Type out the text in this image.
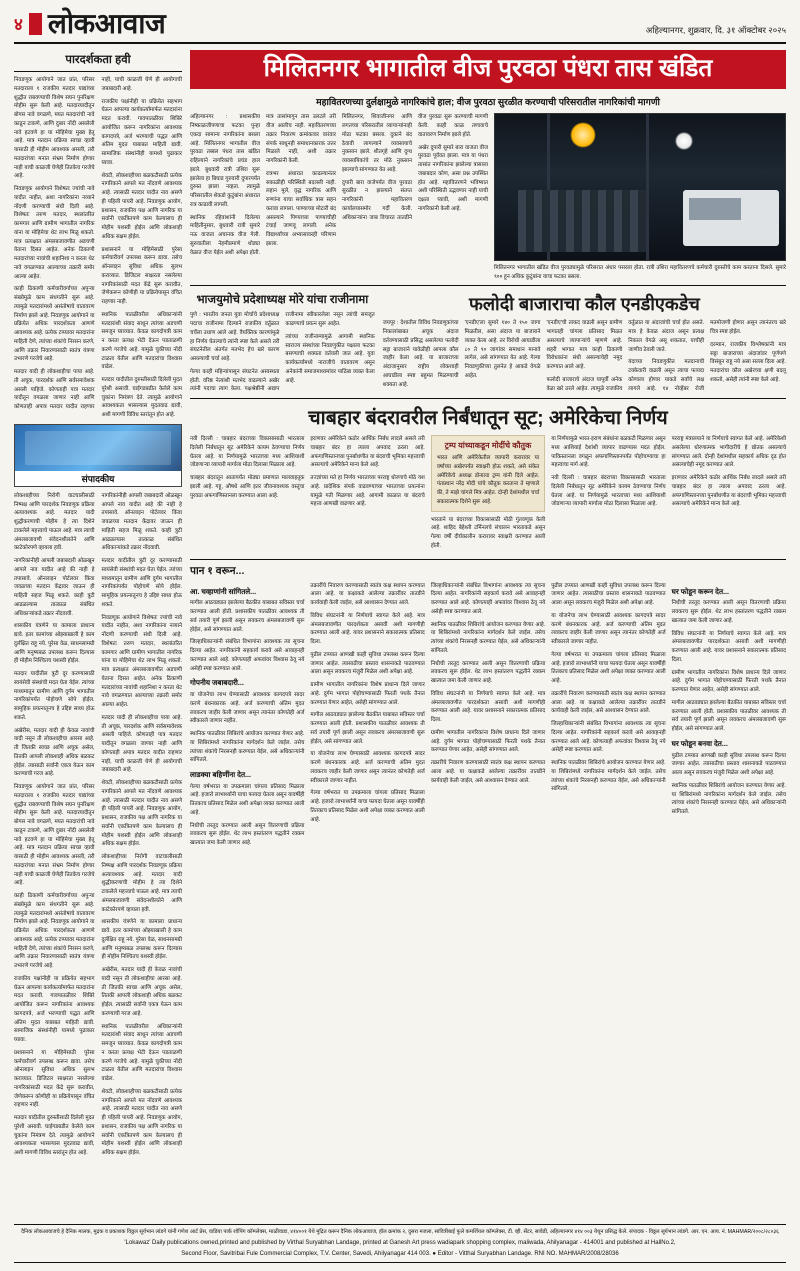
४ लोकआवाज	अहिल्यानगर, शुक्रवार, दि. ३१ ऑक्टोबर २०२५
पारदर्शकता हवी

निवडणूक आयोगाने जात प्रांत, परिसर मतदाराला १ राजकीय मतदार याद्यांच्या शुद्धीत राबवण्याची विशेष सघन पुनरिक्षण मोहीम सुरू केली आहे. मतदारयादीतून बोगस नावे वगळणे, मयत मतदारांची नावे काढून टाकणे, आणि दुबार नोंदी असलेली नावे हटवणे हा या मोहिमेचा मुख्य हेतू आहे. मात्र मतदान प्रक्रिया स्वच्छ व्हावी यासाठी ही मोहीम आवश्यक असली, तरी मतदारांच्या मनात संभ्रम निर्माण होणार नाही याची काळजी घेणेही तितकेच गरजेचे आहे.

निवडणूक आयोगाने विशेषतः ज्यांची नावे यादीत नाहीत, अशा नागरिकांना नव्याने नोंदणी करण्याची संधी दिली आहे. विशेषतः तरुण मतदार, स्थलांतरित कामगार आणि ग्रामीण भागातील नागरिक यांना या मोहिमेचा थेट लाभ मिळू शकतो. मात्र प्रत्यक्षात अंमलबजावणीत अडचणी येताना दिसत आहेत. अनेक ठिकाणी मतदारांच्या नावांची शहानिशा न करता थेट नावे वगळण्यात आल्याच्या तक्रारी समोर आल्या आहेत.

काही ठिकाणी कर्मचारीवर्गाच्या अपुऱ्या संख्येमुळे काम संथगतीने सुरू आहे. त्यामुळे मतदारांमध्ये असंतोषाचे वातावरण निर्माण झाले आहे. निवडणूक आयोगाने या प्रक्रियेत अधिक पारदर्शकता आणणे आवश्यक आहे. प्रत्येक टप्प्यावर मतदारांना माहिती देणे, त्यांच्या शंकांचे निरसन करणे, आणि तक्रार निवारणासाठी स्वतंत्र यंत्रणा उभारणे गरजेचे आहे.

मतदार यादी ही लोकशाहीचा पाया आहे. ती अचूक, पारदर्शक आणि सर्वसमावेशक असली पाहिजे. कोणताही पात्र मतदार यादीतून वगळला जाणार नाही आणि कोणताही अपात्र मतदार यादीत राहणार नाही, याची काळजी घेणे ही आयोगाची जबाबदारी आहे.

राजकीय पक्षांनीही या प्रक्रियेत सहभाग घेऊन आपल्या कार्यकर्त्यांमार्फत मतदारांना मदत करावी. गावपातळीवर शिबिरे आयोजित करून नागरिकांना आवश्यक कागदपत्रे, अर्ज भरण्याची पद्धत आणि अंतिम मुदत याबाबत माहिती द्यावी. सामाजिक संस्थांनीही यामध्ये पुढाकार घ्यावा.

शेवटी, लोकशाहीच्या बळकटीसाठी प्रत्येक नागरिकाने आपले मत नोंदवणे आवश्यक आहे. त्यासाठी मतदार यादीत नाव असणे ही पहिली पायरी आहे. निवडणूक आयोग, प्रशासन, राजकीय पक्ष आणि नागरिक या सर्वांनी एकत्रितपणे काम केल्यासच ही मोहीम यशस्वी होईल आणि लोकशाही अधिक सक्षम होईल.

प्रशासनाने या मोहिमेसाठी पुरेसा कर्मचारीवर्ग उपलब्ध करून द्यावा. तसेच ऑनलाइन सुविधा अधिक सुलभ कराव्यात. डिजिटल साक्षरता नसलेल्या नागरिकांसाठी मदत केंद्रे सुरू करावीत, जेणेकरून कोणीही या प्रक्रियेपासून वंचित राहणार नाही.

स्थानिक पातळीवरील अधिकाऱ्यांनी मतदारांशी संवाद साधून त्यांच्या अडचणी समजून घ्याव्यात. केवळ कागदोपत्री काम न करता प्रत्यक्ष भेटी देऊन पडताळणी करणे गरजेचे आहे. यामुळे चुकीच्या नोंदी टाळता येतील आणि मतदारांचा विश्वास वाढेल.

मतदार यादीतील दुरुस्तीसाठी दिलेली मुदत पुरेशी असावी. घाईगडबडीत केलेले काम चुकांना निमंत्रण देते. त्यामुळे आयोगाने आवश्यकता भासल्यास मुदतवाढ द्यावी, अशी मागणी विविध स्तरांतून होत आहे.

संपादकीय

लोकशाहीच्या निरोगी वाटचालीसाठी निष्पक्ष आणि पारदर्शक निवडणूक प्रक्रिया अत्यावश्यक आहे. मतदार यादी शुद्धीकरणाची मोहीम हे त्या दिशेने टाकलेले महत्त्वाचे पाऊल आहे. मात्र त्याची अंमलबजावणी संवेदनशीलतेने आणि काटेकोरपणे व्हायला हवी.

नागरिकांनीही आपली जबाबदारी ओळखून आपले नाव यादीत आहे की नाही हे तपासावे. ऑनलाइन पोर्टलवर किंवा जवळच्या मतदान केंद्रावर जाऊन ही माहिती सहज मिळू शकते. काही त्रुटी आढळल्यास तात्काळ संबंधित अधिकाऱ्यांकडे तक्रार नोंदवावी.

शासकीय यंत्रणेने या कामाला प्राधान्य द्यावे. इतर कामांच्या ओझ्याखाली हे काम दुर्लक्षित राहू नये. पुरेसा वेळ, साधनसामग्री आणि मनुष्यबळ उपलब्ध करून दिल्यास ही मोहीम निश्चितच यशस्वी होईल.

मतदार यादीतील त्रुटी दूर करण्यासाठी स्वयंसेवी संस्थांची मदत घेता येईल. त्यांच्या माध्यमातून ग्रामीण आणि दुर्गम भागातील नागरिकांपर्यंत पोहोचणे सोपे होईल. सामूहिक प्रयत्नातूनच हे उद्दिष्ट साध्य होऊ शकते.

अखेरीस, मतदार यादी ही केवळ नावांची यादी नसून ती लोकशाहीचा आरसा आहे. ती जितकी स्वच्छ आणि अचूक असेल, तितकी आपली लोकशाही अधिक बळकट होईल. त्यासाठी सर्वांनी एकत्र येऊन काम करण्याची गरज आहे.

निवडणूक आयोगाने जात प्रांत, परिसर मतदाराला १ राजकीय मतदार याद्यांच्या शुद्धीत राबवण्याची विशेष सघन पुनरिक्षण मोहीम सुरू केली आहे. मतदारयादीतून बोगस नावे वगळणे, मयत मतदारांची नावे काढून टाकणे, आणि दुबार नोंदी असलेली नावे हटवणे हा या मोहिमेचा मुख्य हेतू आहे. मात्र मतदान प्रक्रिया स्वच्छ व्हावी यासाठी ही मोहीम आवश्यक असली, तरी मतदारांच्या मनात संभ्रम निर्माण होणार नाही याची काळजी घेणेही तितकेच गरजेचे आहे.

काही ठिकाणी कर्मचारीवर्गाच्या अपुऱ्या संख्येमुळे काम संथगतीने सुरू आहे. त्यामुळे मतदारांमध्ये असंतोषाचे वातावरण निर्माण झाले आहे. निवडणूक आयोगाने या प्रक्रियेत अधिक पारदर्शकता आणणे आवश्यक आहे. प्रत्येक टप्प्यावर मतदारांना माहिती देणे, त्यांच्या शंकांचे निरसन करणे, आणि तक्रार निवारणासाठी स्वतंत्र यंत्रणा उभारणे गरजेचे आहे.

राजकीय पक्षांनीही या प्रक्रियेत सहभाग घेऊन आपल्या कार्यकर्त्यांमार्फत मतदारांना मदत करावी. गावपातळीवर शिबिरे आयोजित करून नागरिकांना आवश्यक कागदपत्रे, अर्ज भरण्याची पद्धत आणि अंतिम मुदत याबाबत माहिती द्यावी. सामाजिक संस्थांनीही यामध्ये पुढाकार घ्यावा.

प्रशासनाने या मोहिमेसाठी पुरेसा कर्मचारीवर्ग उपलब्ध करून द्यावा. तसेच ऑनलाइन सुविधा अधिक सुलभ कराव्यात. डिजिटल साक्षरता नसलेल्या नागरिकांसाठी मदत केंद्रे सुरू करावीत, जेणेकरून कोणीही या प्रक्रियेपासून वंचित राहणार नाही.

मतदार यादीतील दुरुस्तीसाठी दिलेली मुदत पुरेशी असावी. घाईगडबडीत केलेले काम चुकांना निमंत्रण देते. त्यामुळे आयोगाने आवश्यकता भासल्यास मुदतवाढ द्यावी, अशी मागणी विविध स्तरांतून होत आहे.

नागरिकांनीही आपली जबाबदारी ओळखून आपले नाव यादीत आहे की नाही हे तपासावे. ऑनलाइन पोर्टलवर किंवा जवळच्या मतदान केंद्रावर जाऊन ही माहिती सहज मिळू शकते. काही त्रुटी आढळल्यास तात्काळ संबंधित अधिकाऱ्यांकडे तक्रार नोंदवावी.

मतदार यादीतील त्रुटी दूर करण्यासाठी स्वयंसेवी संस्थांची मदत घेता येईल. त्यांच्या माध्यमातून ग्रामीण आणि दुर्गम भागातील नागरिकांपर्यंत पोहोचणे सोपे होईल. सामूहिक प्रयत्नातूनच हे उद्दिष्ट साध्य होऊ शकते.

निवडणूक आयोगाने विशेषतः ज्यांची नावे यादीत नाहीत, अशा नागरिकांना नव्याने नोंदणी करण्याची संधी दिली आहे. विशेषतः तरुण मतदार, स्थलांतरित कामगार आणि ग्रामीण भागातील नागरिक यांना या मोहिमेचा थेट लाभ मिळू शकतो. मात्र प्रत्यक्षात अंमलबजावणीत अडचणी येताना दिसत आहेत. अनेक ठिकाणी मतदारांच्या नावांची शहानिशा न करता थेट नावे वगळण्यात आल्याच्या तक्रारी समोर आल्या आहेत.

मतदार यादी ही लोकशाहीचा पाया आहे. ती अचूक, पारदर्शक आणि सर्वसमावेशक असली पाहिजे. कोणताही पात्र मतदार यादीतून वगळला जाणार नाही आणि कोणताही अपात्र मतदार यादीत राहणार नाही, याची काळजी घेणे ही आयोगाची जबाबदारी आहे.

शेवटी, लोकशाहीच्या बळकटीसाठी प्रत्येक नागरिकाने आपले मत नोंदवणे आवश्यक आहे. त्यासाठी मतदार यादीत नाव असणे ही पहिली पायरी आहे. निवडणूक आयोग, प्रशासन, राजकीय पक्ष आणि नागरिक या सर्वांनी एकत्रितपणे काम केल्यासच ही मोहीम यशस्वी होईल आणि लोकशाही अधिक सक्षम होईल.

लोकशाहीच्या निरोगी वाटचालीसाठी निष्पक्ष आणि पारदर्शक निवडणूक प्रक्रिया अत्यावश्यक आहे. मतदार यादी शुद्धीकरणाची मोहीम हे त्या दिशेने टाकलेले महत्त्वाचे पाऊल आहे. मात्र त्याची अंमलबजावणी संवेदनशीलतेने आणि काटेकोरपणे व्हायला हवी.

शासकीय यंत्रणेने या कामाला प्राधान्य द्यावे. इतर कामांच्या ओझ्याखाली हे काम दुर्लक्षित राहू नये. पुरेसा वेळ, साधनसामग्री आणि मनुष्यबळ उपलब्ध करून दिल्यास ही मोहीम निश्चितच यशस्वी होईल.

अखेरीस, मतदार यादी ही केवळ नावांची यादी नसून ती लोकशाहीचा आरसा आहे. ती जितकी स्वच्छ आणि अचूक असेल, तितकी आपली लोकशाही अधिक बळकट होईल. त्यासाठी सर्वांनी एकत्र येऊन काम करण्याची गरज आहे.

स्थानिक पातळीवरील अधिकाऱ्यांनी मतदारांशी संवाद साधून त्यांच्या अडचणी समजून घ्याव्यात. केवळ कागदोपत्री काम न करता प्रत्यक्ष भेटी देऊन पडताळणी करणे गरजेचे आहे. यामुळे चुकीच्या नोंदी टाळता येतील आणि मतदारांचा विश्वास वाढेल.

शेवटी, लोकशाहीच्या बळकटीसाठी प्रत्येक नागरिकाने आपले मत नोंदवणे आवश्यक आहे. त्यासाठी मतदार यादीत नाव असणे ही पहिली पायरी आहे. निवडणूक आयोग, प्रशासन, राजकीय पक्ष आणि नागरिक या सर्वांनी एकत्रितपणे काम केल्यासच ही मोहीम यशस्वी होईल आणि लोकशाही अधिक सक्षम होईल.

मिलितनगर भागातील वीज पुरवठा पंधरा तास खंडित
महावितरणच्या दुर्लक्षामुळे नागरिकांचे हाल; वीज पुरवठा सुरळीत करण्याची परिसरातील नागरिकांची मागणी

अहिल्यानगर : प्रशासकीय निष्काळजीपणाचा फटका पुन्हा एकदा सामान्य नागरिकांना बसला आहे. मिलितनगर भागातील वीज पुरवठा तब्बल पंधरा तास खंडित राहिल्याने नागरिकांचे प्रचंड हाल झाले. बुधवारी रात्री उशिरा सुरू झालेला हा बिघाड गुरुवारी दुपारपर्यंत दुरुस्त झाला नव्हता. त्यामुळे परिसरातील शेकडो कुटुंबांना अंधारात रात्र काढावी लागली.

स्थानिक रहिवाशांनी दिलेल्या माहितीनुसार, बुधवारी रात्री सुमारे नऊ वाजता अचानक वीज गेली. सुरुवातीला नेहमीप्रमाणे थोड्या वेळात वीज येईल अशी अपेक्षा होती. मात्र तासांमागून तास उलटले तरी वीज आलीच नाही. महावितरणच्या तक्रार निवारण क्रमांकावर वारंवार संपर्क साधूनही समाधानकारक उत्तर मिळाले नाही, अशी तक्रार नागरिकांनी केली.

रात्रभर अंधारात काढल्यानंतर सकाळीही परिस्थिती बदलली नाही. लहान मुले, वृद्ध नागरिक आणि रुग्णांना याचा सर्वाधिक त्रास सहन करावा लागला. पाण्याच्या मोटारी बंद असल्याने पिण्याच्या पाण्याचीही टंचाई जाणवू लागली. अनेक विद्यार्थ्यांच्या अभ्यासावरही परिणाम झाला.

मिलितनगर, शिवाजीनगर आणि लगतच्या परिसरातील व्यापाऱ्यांनाही मोठा फटका बसला. दुकाने बंद ठेवावी लागल्याने व्यवसायाचे नुकसान झाले. शीतगृहे आणि दुग्ध व्यवसायिकांचे तर मोठे नुकसान झाल्याचे सांगण्यात येत आहे.

दुपारी बारा वाजेपर्यंत वीज पुरवठा सुरळीत न झाल्याने संतप्त नागरिकांनी महावितरण कार्यालयासमोर गर्दी केली. अधिकाऱ्यांना जाब विचारत तातडीने वीज पुरवठा सुरू करण्याची मागणी केली. काही काळ तणावाचे वातावरण निर्माण झाले होते.

अखेर दुपारी सुमारे बारा वाजता वीज पुरवठा पूर्ववत झाला. मात्र या पंधरा तासांत नागरिकांना झालेल्या त्रासाला जबाबदार कोण, असा प्रश्न उपस्थित होत आहे. महावितरणने भविष्यात अशी परिस्थिती उद्भवणार नाही याची दक्षता घ्यावी, अशी मागणी नागरिकांनी केली आहे.

मिलितनगर भागातील खंडित वीज पुरवठ्यामुळे परिसरात अंधार पसरला होता. रात्री उशिरा महावितरणचे कर्मचारी दुरुस्तीचे काम करताना दिसले. सुमारे ९०० हून अधिक कुटुंबांना याचा फटका बसला.
भाजयुमोचे प्रदेशाध्यक्ष मोरे यांचा राजीनामा

पुणे : भारतीय जनता युवा मोर्चाचे प्रदेशाध्यक्ष पदाचा राजीनामा दिल्याने राजकीय वर्तुळात चर्चेला उधाण आले आहे. वैयक्तिक कारणांमुळे हा निर्णय घेतल्याचे त्यांनी स्पष्ट केले असले तरी संघटनेतील अंतर्गत मतभेद हेच खरे कारण असल्याची चर्चा आहे.

गेल्या काही महिन्यांपासून संघटनेत अस्वस्थता होती. वरिष्ठ नेत्यांशी मतभेद वाढल्याने अखेर त्यांनी पदाचा त्याग केला. पक्षश्रेष्ठींनी अद्याप राजीनामा स्वीकारलेला नसून त्यांची समजूत काढण्याचे प्रयत्न सुरू आहेत.

त्यांच्या राजीनाम्यामुळे आगामी स्थानिक स्वराज्य संस्थांच्या निवडणुकीत पक्षाला फटका बसण्याची शक्यता वर्तवली जात आहे. युवा कार्यकर्त्यांमध्ये नाराजीचे वातावरण असून अनेकांनी समाजमाध्यमांवर पाठिंबा व्यक्त केला आहे.

फलोदी बाजाराचा कौल एनडीएकडेच

जयपूर : देशातील विविध निवडणुकांच्या निकालांबाबत अचूक अंदाज वर्तवण्यासाठी प्रसिद्ध असलेल्या फलोदी सट्टा बाजाराने यावेळीही आपला कौल जाहीर केला आहे. या बाजाराच्या अंदाजानुसार राष्ट्रीय लोकशाही आघाडीला स्पष्ट बहुमत मिळण्याची शक्यता आहे.

'एनडीए'ला सुमारे १४० ते १५० जागा मिळतील, असा अंदाज या बाजाराने व्यक्त केला आहे. तर विरोधी आघाडीला ८० ते ९० जागांवर समाधान मानावे लागेल, असे सांगण्यात येत आहे. गेल्या निवडणुकीच्या तुलनेत हे आकडे वेगळे आहेत.

'एनडीए'ची ताकद वाढली असून ग्रामीण भागातही चांगला प्रतिसाद मिळत असल्याचे व्यापाऱ्यांचे म्हणणे आहे. शहरी भागात मात्र काही ठिकाणी विरोधकांना संधी असल्याचेही नमूद करण्यात आले आहे.

फलोदी बाजाराचे अंदाज यापूर्वी अनेक वेळा खरे ठरले आहेत. त्यामुळे राजकीय वर्तुळात या अंदाजांची चर्चा होत असते. मात्र हे केवळ अंदाज असून प्रत्यक्ष निकाल वेगळे असू शकतात, याचीही जाणीव ठेवली जाते.

यंदाच्या निवडणुकीत मतदानाची टक्केवारी वाढली असून त्याचा फायदा कोणाला होणार याकडे सर्वांचे लक्ष लागले आहे. १४ नोव्हेंबर रोजी मतमोजणी होणार असून त्यानंतरच खरे चित्र स्पष्ट होईल.

दरम्यान, राजकीय विश्लेषकांनी मात्र सट्टा बाजाराच्या अंदाजांवर पूर्णपणे विसंबून राहू नये असा सल्ला दिला आहे. मतदारांचा कौल अखेरच्या क्षणी बदलू शकतो, असेही त्यांनी स्पष्ट केले आहे.

चाबहार बंदरावरील निर्बंधातून सूट; अमेरिकेचा निर्णय

नवी दिल्ली : चाबहार बंदराच्या विकासासाठी भारताला दिलेली निर्बंधातून सूट अमेरिकेने कायम ठेवण्याचा निर्णय घेतला आहे. या निर्णयामुळे भारताच्या मध्य आशियाशी जोडणाऱ्या व्यापारी मार्गाला मोठा दिलासा मिळाला आहे.

चाबहार बंदरातून आतापर्यंत मोठ्या प्रमाणात मालवाहतूक झाली आहे. गहू, औषधे आणि इतर जीवनावश्यक वस्तूंचा पुरवठा अफगाणिस्तानला करण्यात आला आहे.

इराणवर अमेरिकेने कठोर आर्थिक निर्बंध लादले असले तरी चाबहार बंदर हा त्याला अपवाद ठरला आहे. अफगाणिस्तानच्या पुनर्बांधणीत या बंदराची भूमिका महत्त्वाची असल्याचे अमेरिकेने मान्य केले आहे.

तज्ज्ञांच्या मते हा निर्णय भारताच्या परराष्ट्र धोरणाचे मोठे यश आहे. प्रादेशिक संपर्क वाढवण्याच्या भारताच्या प्रयत्नांना यामुळे गती मिळणार आहे. आगामी काळात या बंदराचे महत्त्व आणखी वाढणार आहे.

ट्रम्प यांच्याकडून मोदींचे कौतुक
भारत आणि अमेरिकेतील व्यापारी करारावर या वर्षाच्या अखेरपर्यंत स्वाक्षरी होऊ शकते, असे संकेत अमेरिकेचे अध्यक्ष डोनाल्ड ट्रम्प यांनी दिले आहेत. पंतप्रधान नरेंद्र मोदी यांचे कौतुक करताना ते म्हणाले की, ते माझे चांगले मित्र आहेत. दोन्ही देशांमधील चर्चा सकारात्मक दिशेने सुरू आहे.

भारताने या बंदराच्या विकासासाठी मोठी गुंतवणूक केली आहे. शाहिद बेहेश्ती टर्मिनलचे संचालन भारताकडे असून गेल्या वर्षी दीर्घकालीन करारावर स्वाक्षरी करण्यात आली होती.

या निर्णयामुळे भारत-इराण संबंधांना बळकटी मिळणार असून मध्य आशियाई देशांशी व्यापार वाढण्यास मदत होईल. पाकिस्तानला वगळून अफगाणिस्तानपर्यंत पोहोचण्याचा हा महत्त्वाचा मार्ग आहे.

नवी दिल्ली : चाबहार बंदराच्या विकासासाठी भारताला दिलेली निर्बंधातून सूट अमेरिकेने कायम ठेवण्याचा निर्णय घेतला आहे. या निर्णयामुळे भारताच्या मध्य आशियाशी जोडणाऱ्या व्यापारी मार्गाला मोठा दिलासा मिळाला आहे.

परराष्ट्र मंत्रालयाने या निर्णयाचे स्वागत केले आहे. अमेरिकेशी असलेल्या धोरणात्मक भागीदारीचे हे द्योतक असल्याचे सांगण्यात आले. दोन्ही देशांमधील सहकार्य अधिक दृढ होत असल्याचेही नमूद करण्यात आले.

इराणवर अमेरिकेने कठोर आर्थिक निर्बंध लादले असले तरी चाबहार बंदर हा त्याला अपवाद ठरला आहे. अफगाणिस्तानच्या पुनर्बांधणीत या बंदराची भूमिका महत्त्वाची असल्याचे अमेरिकेने मान्य केले आहे.

पान १ वरून...
आ. चव्हाणांनी सांगितले...

मागील आठवड्यात झालेल्या बैठकीत याबाबत सविस्तर चर्चा करण्यात आली होती. प्रशासकीय पातळीवर आवश्यक ती सर्व तयारी पूर्ण झाली असून लवकरच अंमलबजावणी सुरू होईल, असे सांगण्यात आले.

जिल्हाधिकाऱ्यांनी संबंधित विभागांना आवश्यक त्या सूचना दिल्या आहेत. नागरिकांनी सहकार्य करावे असे आवाहनही करण्यात आले आहे. कोणत्याही अफवांवर विश्वास ठेवू नये असेही स्पष्ट करण्यात आले.

गोपनीय जबाबदारी...

या योजनेचा लाभ घेण्यासाठी आवश्यक कागदपत्रे सादर करणे बंधनकारक आहे. अर्ज करण्याची अंतिम मुदत लवकरच जाहीर केली जाणार असून त्यानंतर कोणतेही अर्ज स्वीकारले जाणार नाहीत.

स्थानिक पातळीवर शिबिरांचे आयोजन करण्यात येणार आहे. या शिबिरांमध्ये नागरिकांना मार्गदर्शन केले जाईल. तसेच त्यांच्या शंकांचे निरसनही करण्यात येईल, असे अधिकाऱ्यांनी सांगितले.

लाडक्या बहिणींना देत...

गेल्या वर्षभरात या उपक्रमाला चांगला प्रतिसाद मिळाला आहे. हजारो लाभार्थ्यांनी याचा फायदा घेतला असून यावर्षीही तितकाच प्रतिसाद मिळेल अशी अपेक्षा व्यक्त करण्यात आली आहे.

निधीची तरतूद करण्यात आली असून वितरणाची प्रक्रिया लवकरच सुरू होईल. थेट लाभ हस्तांतरण पद्धतीने रक्कम खात्यात जमा केली जाणार आहे.

तक्रारींचे निवारण करण्यासाठी स्वतंत्र कक्ष स्थापन करण्यात आला आहे. या कक्षाकडे आलेल्या तक्रारींवर तातडीने कार्यवाही केली जाईल, असे आश्वासन देण्यात आले.

विविध संघटनांनी या निर्णयाचे स्वागत केले आहे. मात्र अंमलबजावणीत पारदर्शकता असावी अशी मागणीही करण्यात आली आहे. यावर प्रशासनाने सकारात्मक प्रतिसाद दिला.

पुढील टप्प्यात आणखी काही सुविधा उपलब्ध करून दिल्या जाणार आहेत. त्यासाठीचा प्रस्ताव शासनाकडे पाठवण्यात आला असून लवकरच मंजुरी मिळेल अशी अपेक्षा आहे.

ग्रामीण भागातील नागरिकांना विशेष प्राधान्य दिले जाणार आहे. दुर्गम भागात पोहोचण्यासाठी फिरती पथके तैनात करण्यात येणार आहेत, असेही सांगण्यात आले.

मागील आठवड्यात झालेल्या बैठकीत याबाबत सविस्तर चर्चा करण्यात आली होती. प्रशासकीय पातळीवर आवश्यक ती सर्व तयारी पूर्ण झाली असून लवकरच अंमलबजावणी सुरू होईल, असे सांगण्यात आले.

या योजनेचा लाभ घेण्यासाठी आवश्यक कागदपत्रे सादर करणे बंधनकारक आहे. अर्ज करण्याची अंतिम मुदत लवकरच जाहीर केली जाणार असून त्यानंतर कोणतेही अर्ज स्वीकारले जाणार नाहीत.

गेल्या वर्षभरात या उपक्रमाला चांगला प्रतिसाद मिळाला आहे. हजारो लाभार्थ्यांनी याचा फायदा घेतला असून यावर्षीही तितकाच प्रतिसाद मिळेल अशी अपेक्षा व्यक्त करण्यात आली आहे.

जिल्हाधिकाऱ्यांनी संबंधित विभागांना आवश्यक त्या सूचना दिल्या आहेत. नागरिकांनी सहकार्य करावे असे आवाहनही करण्यात आले आहे. कोणत्याही अफवांवर विश्वास ठेवू नये असेही स्पष्ट करण्यात आले.

स्थानिक पातळीवर शिबिरांचे आयोजन करण्यात येणार आहे. या शिबिरांमध्ये नागरिकांना मार्गदर्शन केले जाईल. तसेच त्यांच्या शंकांचे निरसनही करण्यात येईल, असे अधिकाऱ्यांनी सांगितले.

निधीची तरतूद करण्यात आली असून वितरणाची प्रक्रिया लवकरच सुरू होईल. थेट लाभ हस्तांतरण पद्धतीने रक्कम खात्यात जमा केली जाणार आहे.

विविध संघटनांनी या निर्णयाचे स्वागत केले आहे. मात्र अंमलबजावणीत पारदर्शकता असावी अशी मागणीही करण्यात आली आहे. यावर प्रशासनाने सकारात्मक प्रतिसाद दिला.

ग्रामीण भागातील नागरिकांना विशेष प्राधान्य दिले जाणार आहे. दुर्गम भागात पोहोचण्यासाठी फिरती पथके तैनात करण्यात येणार आहेत, असेही सांगण्यात आले.

तक्रारींचे निवारण करण्यासाठी स्वतंत्र कक्ष स्थापन करण्यात आला आहे. या कक्षाकडे आलेल्या तक्रारींवर तातडीने कार्यवाही केली जाईल, असे आश्वासन देण्यात आले.

पुढील टप्प्यात आणखी काही सुविधा उपलब्ध करून दिल्या जाणार आहेत. त्यासाठीचा प्रस्ताव शासनाकडे पाठवण्यात आला असून लवकरच मंजुरी मिळेल अशी अपेक्षा आहे.

या योजनेचा लाभ घेण्यासाठी आवश्यक कागदपत्रे सादर करणे बंधनकारक आहे. अर्ज करण्याची अंतिम मुदत लवकरच जाहीर केली जाणार असून त्यानंतर कोणतेही अर्ज स्वीकारले जाणार नाहीत.

गेल्या वर्षभरात या उपक्रमाला चांगला प्रतिसाद मिळाला आहे. हजारो लाभार्थ्यांनी याचा फायदा घेतला असून यावर्षीही तितकाच प्रतिसाद मिळेल अशी अपेक्षा व्यक्त करण्यात आली आहे.

तक्रारींचे निवारण करण्यासाठी स्वतंत्र कक्ष स्थापन करण्यात आला आहे. या कक्षाकडे आलेल्या तक्रारींवर तातडीने कार्यवाही केली जाईल, असे आश्वासन देण्यात आले.

जिल्हाधिकाऱ्यांनी संबंधित विभागांना आवश्यक त्या सूचना दिल्या आहेत. नागरिकांनी सहकार्य करावे असे आवाहनही करण्यात आले आहे. कोणत्याही अफवांवर विश्वास ठेवू नये असेही स्पष्ट करण्यात आले.

स्थानिक पातळीवर शिबिरांचे आयोजन करण्यात येणार आहे. या शिबिरांमध्ये नागरिकांना मार्गदर्शन केले जाईल. तसेच त्यांच्या शंकांचे निरसनही करण्यात येईल, असे अधिकाऱ्यांनी सांगितले.

घर फोडून करून देत...

निधीची तरतूद करण्यात आली असून वितरणाची प्रक्रिया लवकरच सुरू होईल. थेट लाभ हस्तांतरण पद्धतीने रक्कम खात्यात जमा केली जाणार आहे.

विविध संघटनांनी या निर्णयाचे स्वागत केले आहे. मात्र अंमलबजावणीत पारदर्शकता असावी अशी मागणीही करण्यात आली आहे. यावर प्रशासनाने सकारात्मक प्रतिसाद दिला.

ग्रामीण भागातील नागरिकांना विशेष प्राधान्य दिले जाणार आहे. दुर्गम भागात पोहोचण्यासाठी फिरती पथके तैनात करण्यात येणार आहेत, असेही सांगण्यात आले.

मागील आठवड्यात झालेल्या बैठकीत याबाबत सविस्तर चर्चा करण्यात आली होती. प्रशासकीय पातळीवर आवश्यक ती सर्व तयारी पूर्ण झाली असून लवकरच अंमलबजावणी सुरू होईल, असे सांगण्यात आले.

घर फोडून बनवा देत...

पुढील टप्प्यात आणखी काही सुविधा उपलब्ध करून दिल्या जाणार आहेत. त्यासाठीचा प्रस्ताव शासनाकडे पाठवण्यात आला असून लवकरच मंजुरी मिळेल अशी अपेक्षा आहे.

स्थानिक पातळीवर शिबिरांचे आयोजन करण्यात येणार आहे. या शिबिरांमध्ये नागरिकांना मार्गदर्शन केले जाईल. तसेच त्यांच्या शंकांचे निरसनही करण्यात येईल, असे अधिकाऱ्यांनी सांगितले.

दैनिक लोकआवाजचे हे दैनिक मालक, मुद्रक व प्रकाशक विठ्ठल सूर्यभान लांडगे यांनी गणेश आर्ट प्रेस, वाडिया पार्क शॉपिंग कॉम्प्लेक्स, माळीवाडा, ४१४००१ येथे मुद्रित करून दैनिक लोकआवाज, हॉल क्रमांक २, दुसरा मजला, सावित्रीबाई फुले कमर्शियल कॉम्प्लेक्स, टी. व्ही. सेंटर, सावेडी, अहिल्यानगर ४१४ ००३ येथून प्रसिद्ध केले. संपादक - विठ्ठल सूर्यभान लांडगे. आर. एन. आय. नं. MAHMAR/२००८/२८०३६
'Lokawaz' Daily publications owned,printed and published by Virthal Suryabhan Landage, printed at Ganesh Art press wadiapark shopping complex, maliwada, Ahilyanagar - 414001 and published at HallNo.2,
Second Floor, Savitribai Fule Commercial Complex, T.V. Center, Savedi, Ahilyanagar 414 003. ● Editor - Vitthal Suryabhan Landage. RNI NO. MAHMAR/2008/28036
